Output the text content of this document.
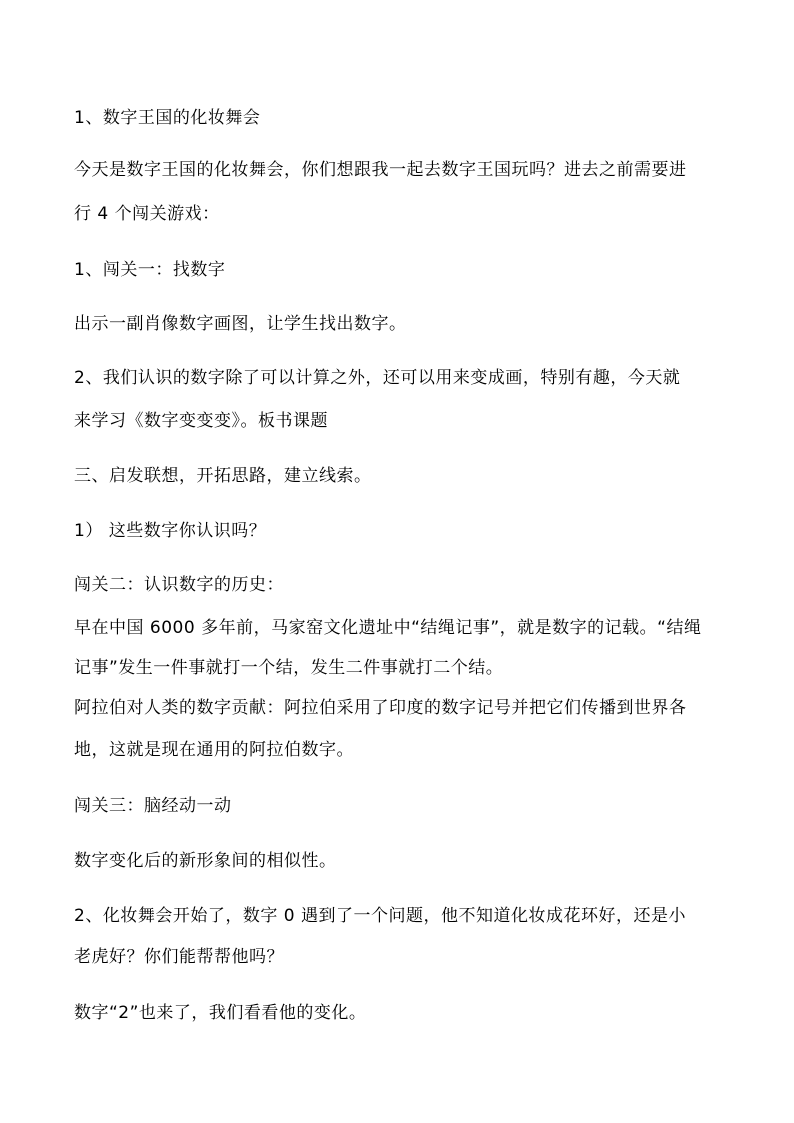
1、数字王国的化妆舞会
今天是数字王国的化妆舞会，你们想跟我一起去数字王国玩吗？进去之前需要进
行 4 个闯关游戏：
1、闯关一：找数字
出示一副肖像数字画图，让学生找出数字。
2、我们认识的数字除了可以计算之外，还可以用来变成画，特别有趣，今天就
来学习《数字变变变》。板书课题
三、启发联想，开拓思路，建立线索。
1） 这些数字你认识吗？
闯关二：认识数字的历史：
早在中国 6000 多年前，马家窑文化遗址中“结绳记事”，就是数字的记载。“结绳
记事”发生一件事就打一个结，发生二件事就打二个结。
阿拉伯对人类的数字贡献：阿拉伯采用了印度的数字记号并把它们传播到世界各
地，这就是现在通用的阿拉伯数字。
闯关三：脑经动一动
数字变化后的新形象间的相似性。
2、化妆舞会开始了，数字 0 遇到了一个问题，他不知道化妆成花环好，还是小
老虎好？你们能帮帮他吗？
数字“2”也来了，我们看看他的变化。
